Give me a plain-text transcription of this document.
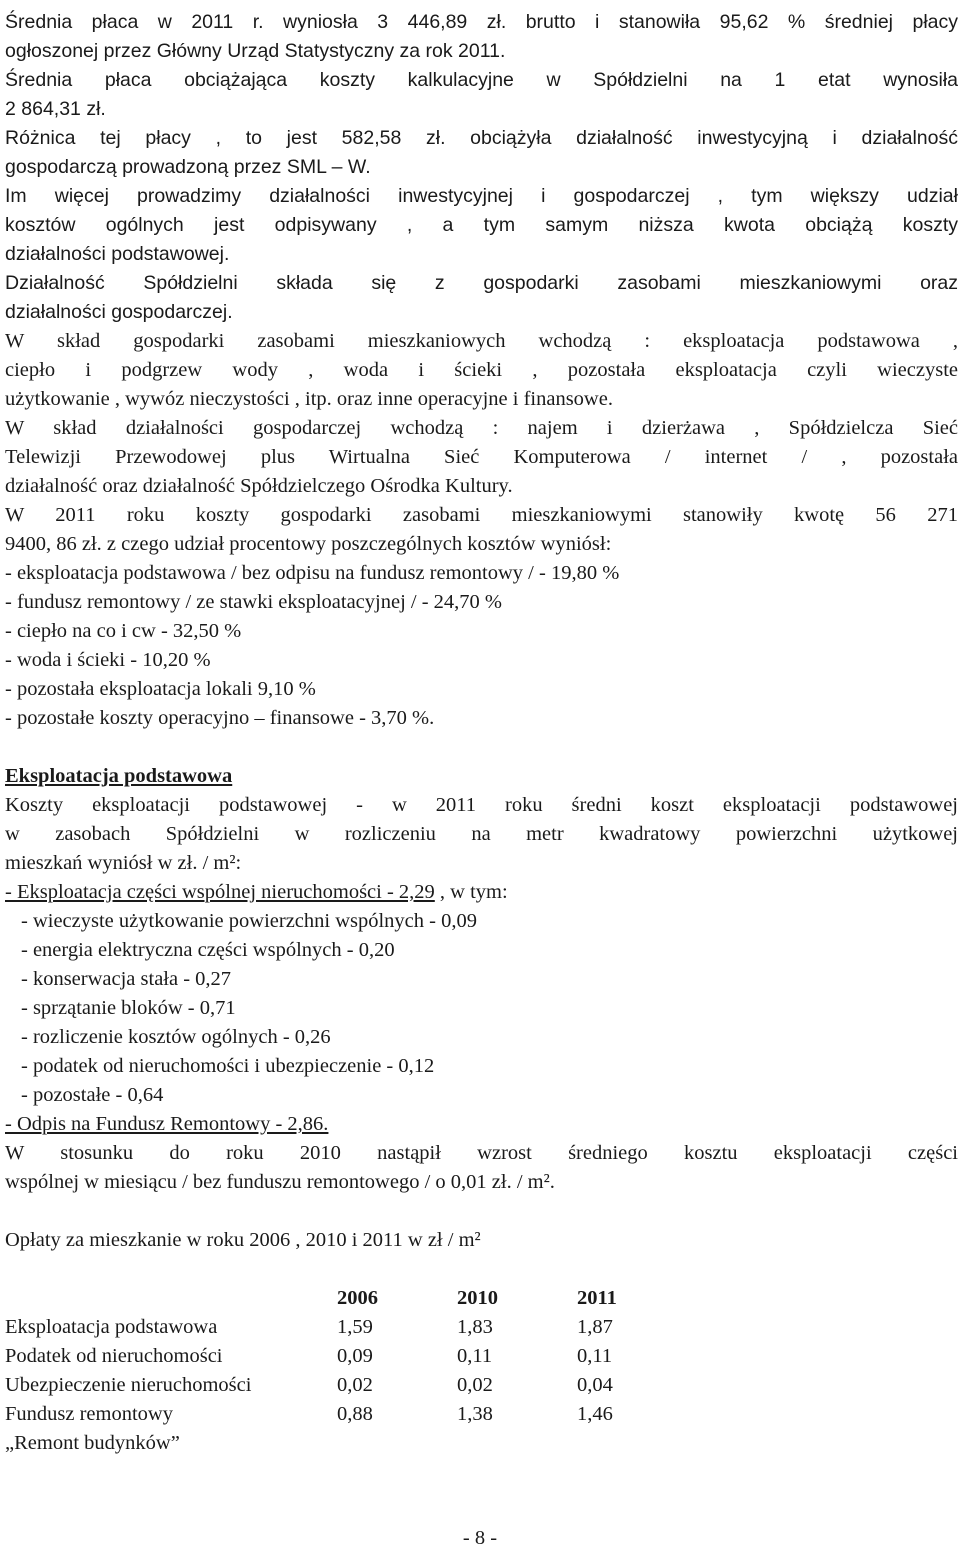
Średnia płaca w 2011 r. wyniosła 3 446,89 zł. brutto i stanowiła 95,62 % średniej płacy
ogłoszonej przez Główny Urząd Statystyczny za rok 2011.
Średnia płaca obciążająca koszty kalkulacyjne w Spółdzielni na 1 etat wynosiła
2 864,31 zł.
Różnica tej płacy , to jest 582,58 zł. obciążyła działalność inwestycyjną i działalność
gospodarczą prowadzoną przez SML – W.
Im więcej prowadzimy działalności inwestycyjnej i gospodarczej , tym większy udział
kosztów ogólnych jest odpisywany , a tym samym niższa kwota obciążą koszty
działalności podstawowej.
Działalność Spółdzielni składa się z gospodarki zasobami mieszkaniowymi oraz
działalności gospodarczej.
W skład gospodarki zasobami mieszkaniowych wchodzą : eksploatacja podstawowa ,
ciepło i podgrzew wody , woda i ścieki , pozostała eksploatacja czyli wieczyste
użytkowanie , wywóz nieczystości , itp. oraz inne operacyjne i finansowe.
W skład działalności gospodarczej wchodzą : najem i dzierżawa , Spółdzielcza Sieć
Telewizji Przewodowej plus Wirtualna Sieć Komputerowa / internet / , pozostała
działalność oraz działalność Spółdzielczego Ośrodka Kultury.
W 2011 roku koszty gospodarki zasobami mieszkaniowymi stanowiły kwotę 56 271
9400, 86 zł. z czego udział procentowy poszczególnych kosztów wyniósł:
- eksploatacja podstawowa / bez odpisu na fundusz remontowy / - 19,80 %
- fundusz remontowy / ze stawki eksploatacyjnej / - 24,70 %
- ciepło na co i cw - 32,50 %
- woda i ścieki - 10,20 %
- pozostała eksploatacja lokali 9,10 %
- pozostałe koszty operacyjno – finansowe - 3,70 %.
Eksploatacja podstawowa
Koszty eksploatacji podstawowej - w 2011 roku średni koszt eksploatacji podstawowej
w zasobach Spółdzielni w rozliczeniu na metr kwadratowy powierzchni użytkowej
mieszkań wyniósł w zł. / m²:
- Eksploatacja części wspólnej nieruchomości - 2,29 , w tym:
- wieczyste użytkowanie powierzchni wspólnych - 0,09
- energia elektryczna części wspólnych - 0,20
- konserwacja stała - 0,27
- sprzątanie bloków - 0,71
- rozliczenie kosztów ogólnych - 0,26
- podatek od nieruchomości i ubezpieczenie - 0,12
- pozostałe - 0,64
- Odpis na Fundusz Remontowy - 2,86.
W stosunku do roku 2010 nastąpił wzrost średniego kosztu eksploatacji części
wspólnej w miesiącu / bez funduszu remontowego / o 0,01 zł. / m².
Opłaty za mieszkanie w roku 2006 , 2010 i 2011 w zł / m²
	2006	2010	2011
Eksploatacja podstawowa	1,59	1,83	1,87
Podatek od nieruchomości	0,09	0,11	0,11
Ubezpieczenie nieruchomości	0,02	0,02	0,04
Fundusz remontowy	0,88	1,38	1,46
„Remont budynków”			
- 8 -
